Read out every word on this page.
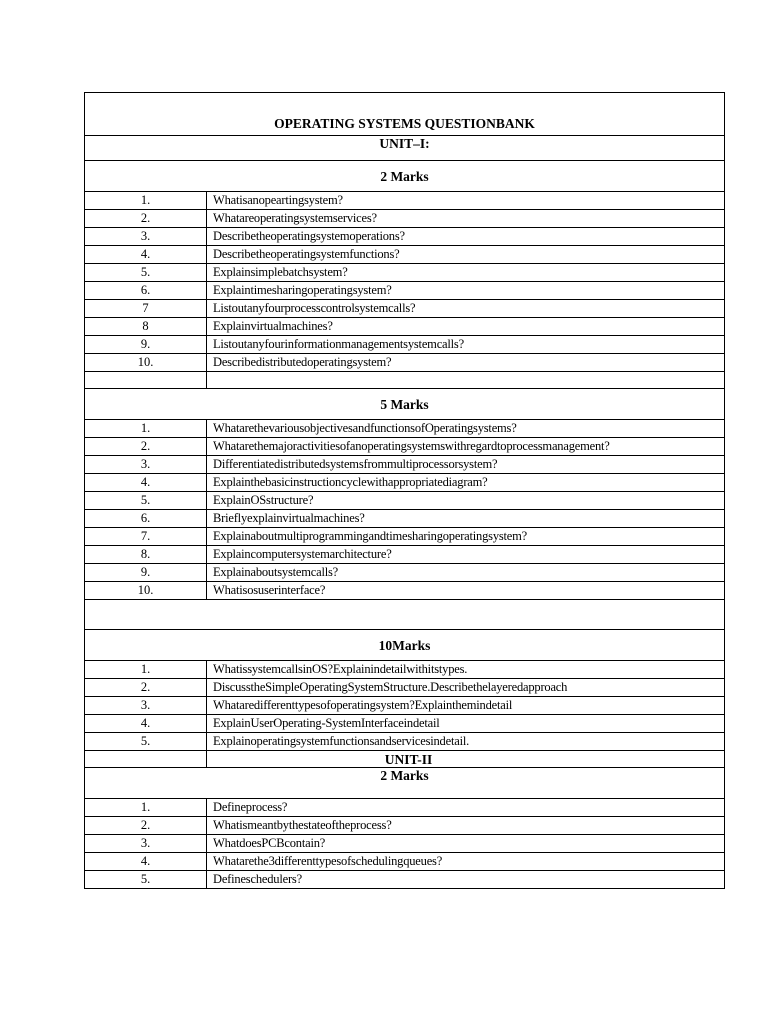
OPERATING SYSTEMS QUESTIONBANK	
UNIT–I:	
2 Marks	
1.	Whatisanopeartingsystem?
2.	Whatareoperatingsystemservices?
3.	Describetheoperatingsystemoperations?
4.	Describetheoperatingsystemfunctions?
5.	Explainsimplebatchsystem?
6.	Explaintimesharingoperatingsystem?
7	Listoutanyfourprocesscontrolsystemcalls?
8	Explainvirtualmachines?
9.	Listoutanyfourinformationmanagementsystemcalls?
10.	Describedistributedoperatingsystem?

5 Marks	
1.	WhatarethevariousobjectivesandfunctionsofOperatingsystems?
2.	Whatarethemajoractivitiesofanoperatingsystemswithregardtoprocessmanagement?
3.	Differentiatedistributedsystemsfrommultiprocessorsystem?
4.	Explainthebasicinstructioncyclewithappropriatediagram?
5.	ExplainOSstructure?
6.	Brieflyexplainvirtualmachines?
7.	Explainaboutmultiprogrammingandtimesharingoperatingsystem?
8.	Explaincomputersystemarchitecture?
9.	Explainaboutsystemcalls?
10.	Whatisosuserinterface?

10Marks	
1.	WhatissystemcallsinOS?Explainindetailwithitstypes.
2.	DiscusstheSimpleOperatingSystemStructure.Describethelayeredapproach
3.	Whataredifferenttypesofoperatingsystem?Explainthemindetail
4.	ExplainUserOperating-SystemInterfaceindetail
5.	Explainoperatingsystemfunctionsandservicesindetail.
	UNIT-II
2 Marks	
1.	Defineprocess?
2.	Whatismeantbythestateoftheprocess?
3.	WhatdoesPCBcontain?
4.	Whatarethe3differenttypesofschedulingqueues?
5.	Defineschedulers?
